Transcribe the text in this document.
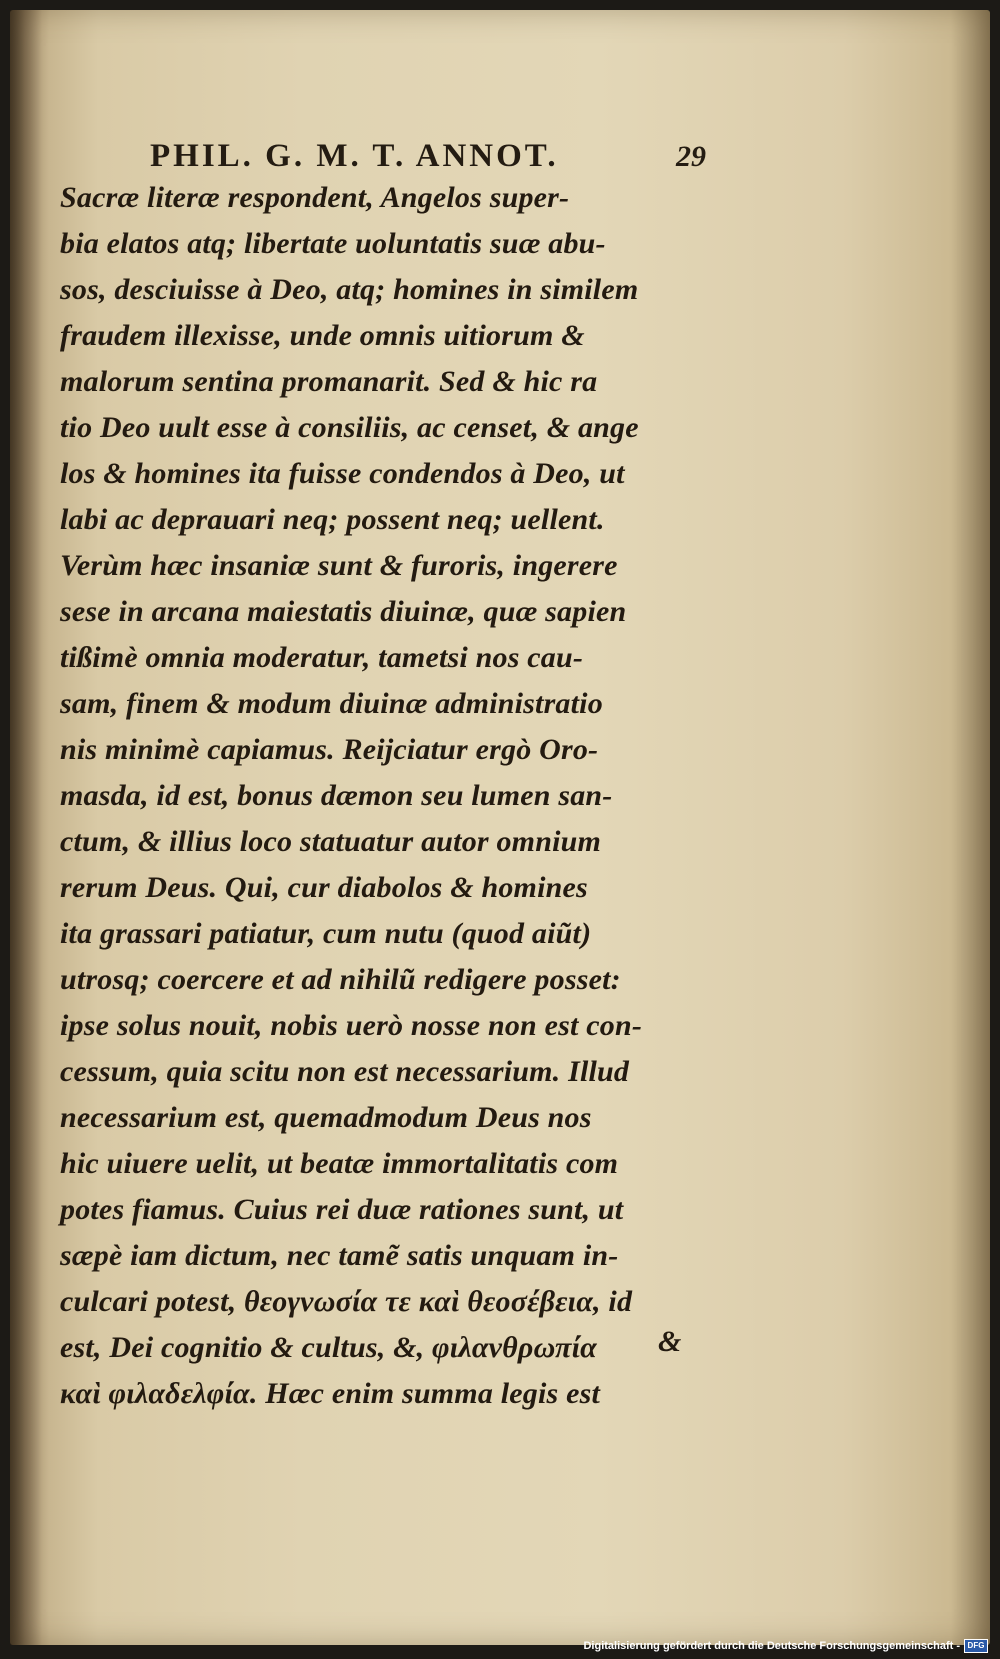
PHIL. G. M. T. ANNOT.	29
Sacræ literæ respondent, Angelos super-
bia elatos atq; libertate uoluntatis suæ abu-
sos, desciuisse à Deo, atq; homines in similem
fraudem illexisse, unde omnis uitiorum &
malorum sentina promanarit. Sed & hic ra
tio Deo uult esse à consiliis, ac censet, & ange
los & homines ita fuisse condendos à Deo, ut
labi ac deprauari neq; possent neq; uellent.
Verùm hæc insaniæ sunt & furoris, ingerere
sese in arcana maiestatis diuinæ, quæ sapien
tißimè omnia moderatur, tametsi nos cau-
sam, finem & modum diuinæ administratio
nis minimè capiamus. Reijciatur ergò Oro-
masda, id est, bonus dæmon seu lumen san-
ctum, & illius loco statuatur autor omnium
rerum Deus. Qui, cur diabolos & homines
ita grassari patiatur, cum nutu (quod aiũt)
utrosq; coercere et ad nihilũ redigere posset:
ipse solus nouit, nobis uerò nosse non est con-
cessum, quia scitu non est necessarium. Illud
necessarium est, quemadmodum Deus nos
hic uiuere uelit, ut beatæ immortalitatis com
potes fiamus. Cuius rei duæ rationes sunt, ut
sæpè iam dictum, nec tamẽ satis unquam in-
culcari potest, θεογνωσία τε καὶ θεοσέβεια, id
est, Dei cognitio & cultus, &, φιλανθρωπία
καὶ φιλαδελφία. Hæc enim summa legis est
&
Digitalisierung gefördert durch die Deutsche Forschungsgemeinschaft - DFG
